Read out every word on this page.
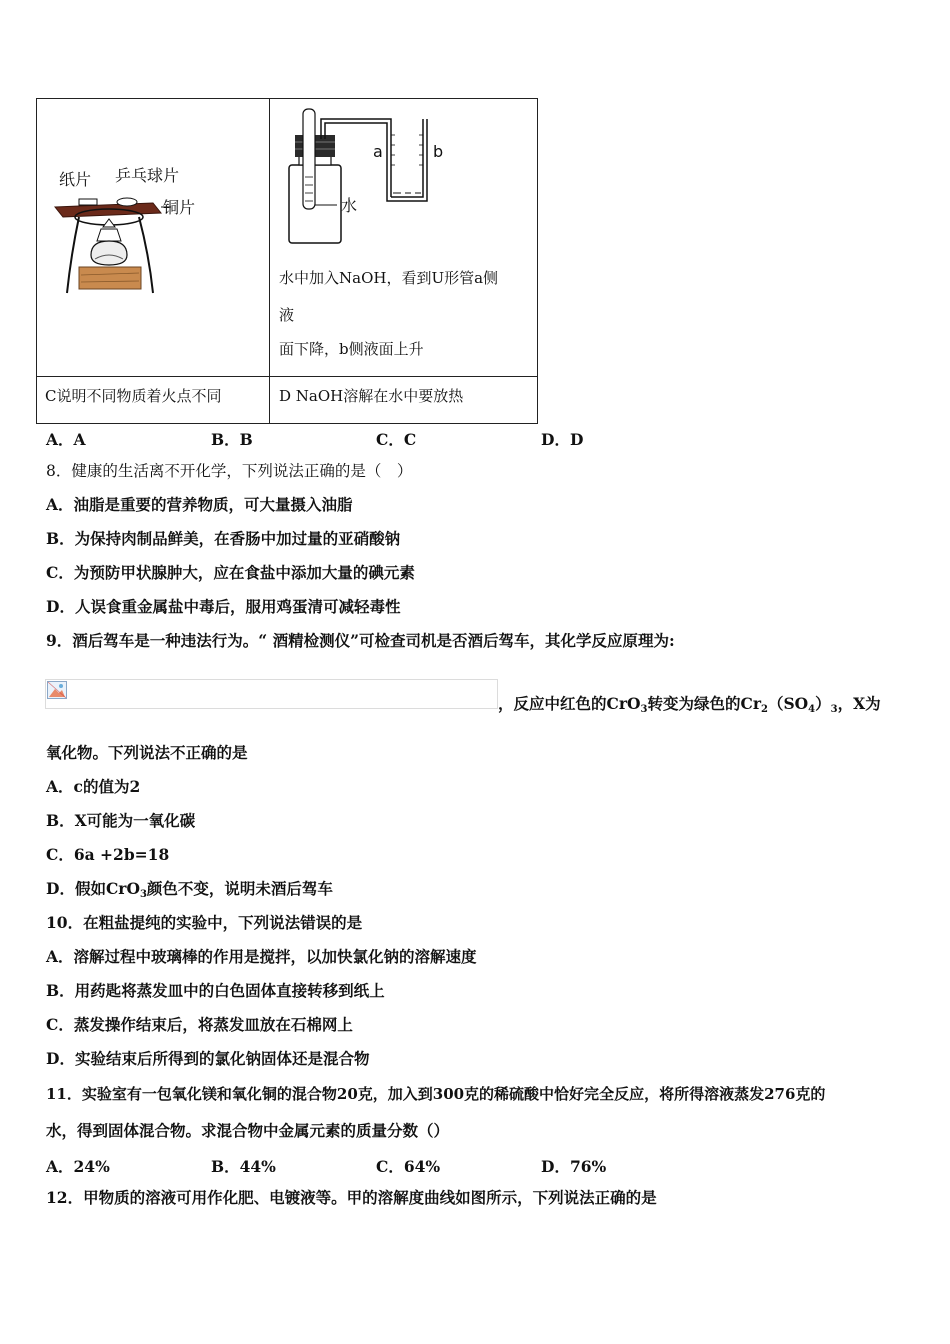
纸片 乒乓球片
铜片	水
a	b
水中加入NaOH，看到U形管a侧
液
面下降，b侧液面上升
C说明不同物质着火点不同	D NaOH溶解在水中要放热
A．A	B．B	C．C	D．D
8．健康的生活离不开化学，下列说法正确的是（　）
A．油脂是重要的营养物质，可大量摄入油脂
B．为保持肉制品鲜美，在香肠中加过量的亚硝酸钠
C．为预防甲状腺肿大，应在食盐中添加大量的碘元素
D．人误食重金属盐中毒后，服用鸡蛋清可减轻毒性
9．酒后驾车是一种违法行为。“ 酒精检测仪”可检查司机是否酒后驾车，其化学反应原理为:
，反应中红色的CrO$_3$转变为绿色的$Cr_2(SO_4)_3$，X为
氧化物。下列说法不正确的是
A．c的值为2
B．X可能为一氧化碳
C．6a +2b=18
D．假如CrO$_3$颜色不变，说明未酒后驾车
10．在粗盐提纯的实验中，下列说法错误的是
A．溶解过程中玻璃棒的作用是搅拌，以加快氯化钠的溶解速度
B．用药匙将蒸发皿中的白色固体直接转移到纸上
C．蒸发操作结束后，将蒸发皿放在石棉网上
D．实验结束后所得到的氯化钠固体还是混合物
11．实验室有一包氧化镁和氧化铜的混合物20克，加入到300克的稀硫酸中恰好完全反应，将所得溶液蒸发276克的
水，得到固体混合物。求混合物中金属元素的质量分数（）
A．24%	B．44%	C．64%	D．76%
12．甲物质的溶液可用作化肥、电镀液等。甲的溶解度曲线如图所示，下列说法正确的是
